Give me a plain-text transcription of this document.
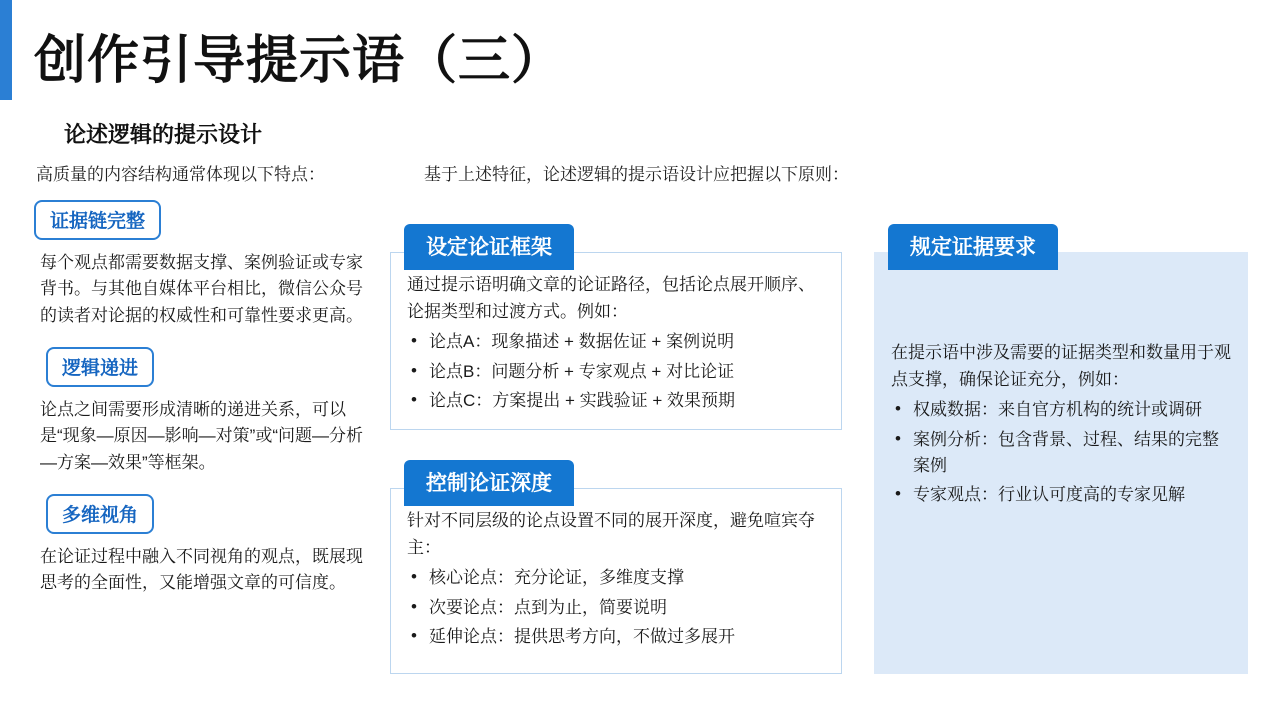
创作引导提示语（三）
论述逻辑的提示设计
高质量的内容结构通常体现以下特点：	基于上述特征，论述逻辑的提示语设计应把握以下原则：
证据链完整
每个观点都需要数据支撑、案例验证或专家背书。与其他自媒体平台相比，微信公众号的读者对论据的权威性和可靠性要求更高。
逻辑递进
论点之间需要形成清晰的递进关系，可以是“现象—原因—影响—对策”或“问题—分析—方案—效果”等框架。
多维视角
在论证过程中融入不同视角的观点，既展现思考的全面性，又能增强文章的可信度。
设定论证框架

通过提示语明确文章的论证路径，包括论点展开顺序、论据类型和过渡方式。例如：

• 论点A：现象描述 + 数据佐证 + 案例说明
• 论点B：问题分析 + 专家观点 + 对比论证
• 论点C：方案提出 + 实践验证 + 效果预期
控制论证深度

针对不同层级的论点设置不同的展开深度，避免喧宾夺主：

• 核心论点：充分论证，多维度支撑
• 次要论点：点到为止，简要说明
• 延伸论点：提供思考方向，不做过多展开
规定证据要求

在提示语中涉及需要的证据类型和数量用于观点支撑，确保论证充分，例如：

• 权威数据：来自官方机构的统计或调研
• 案例分析：包含背景、过程、结果的完整案例
• 专家观点：行业认可度高的专家见解
